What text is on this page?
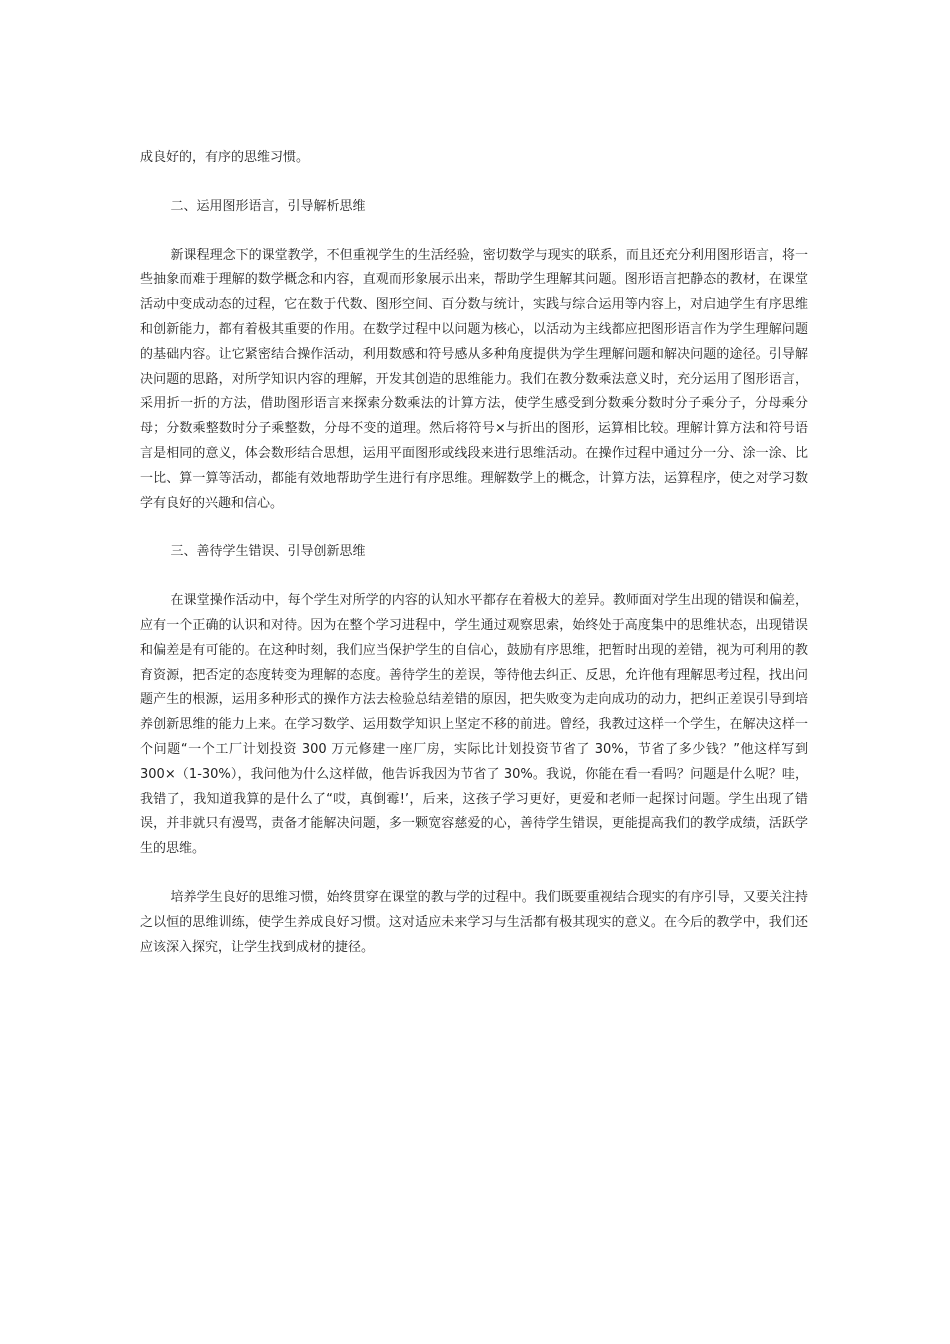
成良好的，有序的思维习惯。

二、运用图形语言，引导解析思维

新课程理念下的课堂教学，不但重视学生的生活经验，密切数学与现实的联系，而且还充分利用图形语言，将一些抽象而难于理解的数学概念和内容，直观而形象展示出来，帮助学生理解其问题。图形语言把静态的教材，在课堂活动中变成动态的过程，它在数于代数、图形空间、百分数与统计，实践与综合运用等内容上，对启迪学生有序思维和创新能力，都有着极其重要的作用。在数学过程中以问题为核心，以活动为主线都应把图形语言作为学生理解问题的基础内容。让它紧密结合操作活动，利用数感和符号感从多种角度提供为学生理解问题和解决问题的途径。引导解决问题的思路，对所学知识内容的理解，开发其创造的思维能力。我们在教分数乘法意义时，充分运用了图形语言，采用折一折的方法，借助图形语言来探索分数乘法的计算方法，使学生感受到分数乘分数时分子乘分子，分母乘分母；分数乘整数时分子乘整数，分母不变的道理。然后将符号×与折出的图形，运算相比较。理解计算方法和符号语言是相同的意义，体会数形结合思想，运用平面图形或线段来进行思维活动。在操作过程中通过分一分、涂一涂、比一比、算一算等活动，都能有效地帮助学生进行有序思维。理解数学上的概念，计算方法，运算程序，使之对学习数学有良好的兴趣和信心。

三、善待学生错误、引导创新思维

在课堂操作活动中，每个学生对所学的内容的认知水平都存在着极大的差异。教师面对学生出现的错误和偏差，应有一个正确的认识和对待。因为在整个学习进程中，学生通过观察思索，始终处于高度集中的思维状态，出现错误和偏差是有可能的。在这种时刻，我们应当保护学生的自信心，鼓励有序思维，把暂时出现的差错，视为可利用的教育资源，把否定的态度转变为理解的态度。善待学生的差误，等待他去纠正、反思，允许他有理解思考过程，找出问题产生的根源，运用多种形式的操作方法去检验总结差错的原因，把失败变为走向成功的动力，把纠正差误引导到培养创新思维的能力上来。在学习数学、运用数学知识上坚定不移的前进。曾经，我教过这样一个学生，在解决这样一个问题“一个工厂计划投资 300 万元修建一座厂房，实际比计划投资节省了 30%，节省了多少钱？”他这样写到 300×（1-30%），我问他为什么这样做，他告诉我因为节省了 30%。我说，你能在看一看吗？问题是什么呢？哇，我错了，我知道我算的是什么了“哎，真倒霉!’，后来，这孩子学习更好，更爱和老师一起探讨问题。学生出现了错误，并非就只有漫骂，责备才能解决问题，多一颗宽容慈爱的心，善待学生错误，更能提高我们的教学成绩，活跃学生的思维。

培养学生良好的思维习惯，始终贯穿在课堂的教与学的过程中。我们既要重视结合现实的有序引导，又要关注持之以恒的思维训练，使学生养成良好习惯。这对适应未来学习与生活都有极其现实的意义。在今后的教学中，我们还应该深入探究，让学生找到成材的捷径。
